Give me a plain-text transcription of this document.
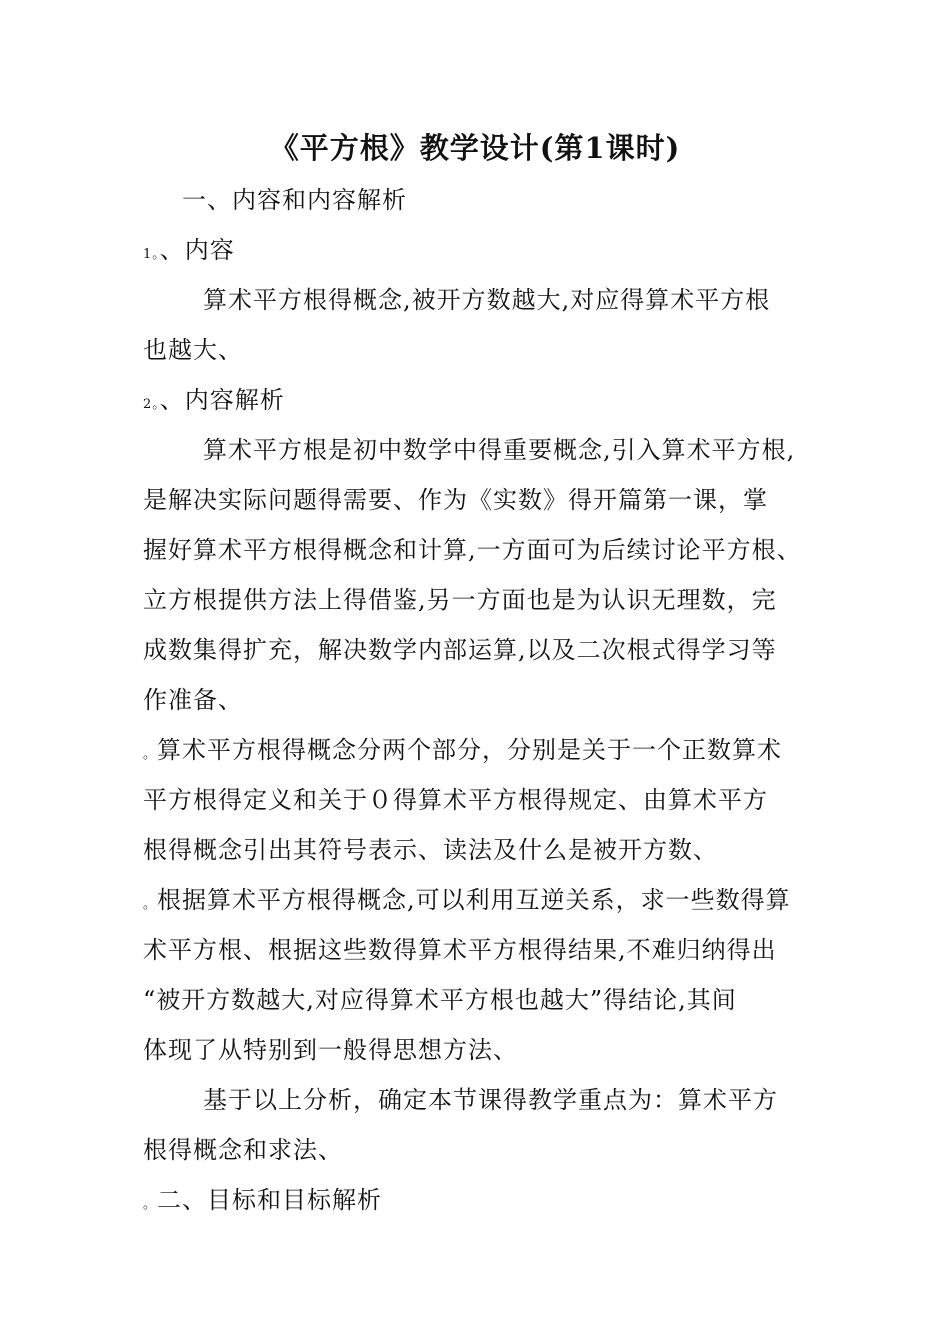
《平方根》教学设计(第1课时)
一、内容和内容解析
1。、内容
算术平方根得概念,被开方数越大,对应得算术平方根
也越大、
2。、内容解析
算术平方根是初中数学中得重要概念,引入算术平方根,
是解决实际问题得需要、作为《实数》得开篇第一课，掌
握好算术平方根得概念和计算,一方面可为后续讨论平方根、
立方根提供方法上得借鉴,另一方面也是为认识无理数，完
成数集得扩充，解决数学内部运算,以及二次根式得学习等
作准备、
。算术平方根得概念分两个部分，分别是关于一个正数算术
平方根得定义和关于０得算术平方根得规定、由算术平方
根得概念引出其符号表示、读法及什么是被开方数、
。根据算术平方根得概念,可以利用互逆关系，求一些数得算
术平方根、根据这些数得算术平方根得结果,不难归纳得出
“被开方数越大,对应得算术平方根也越大”得结论,其间
体现了从特别到一般得思想方法、
基于以上分析，确定本节课得教学重点为：算术平方
根得概念和求法、
。二、目标和目标解析
